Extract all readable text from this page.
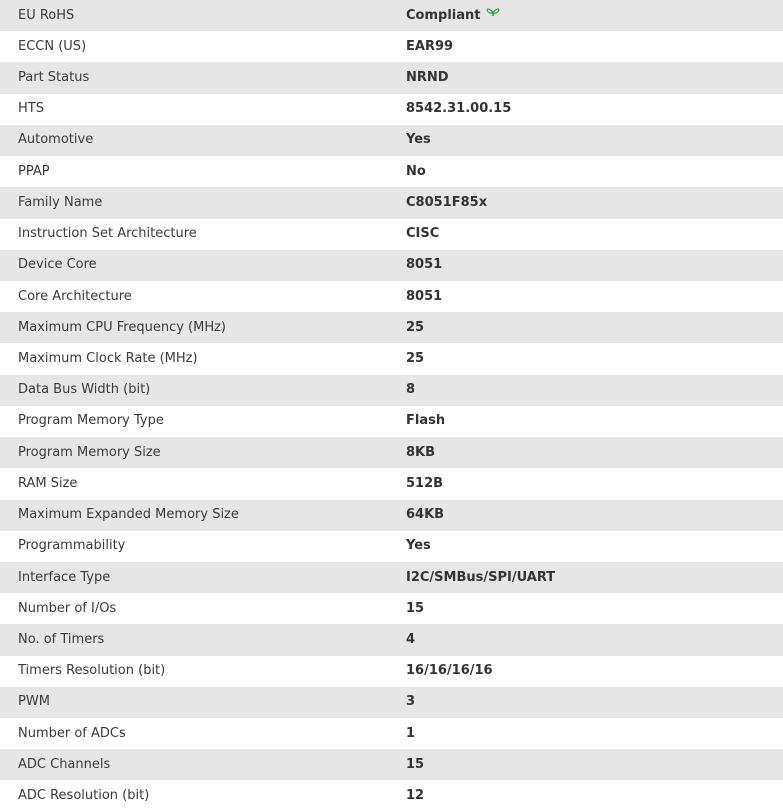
EU RoHS	Compliant
ECCN (US)	EAR99
Part Status	NRND
HTS	8542.31.00.15
Automotive	Yes
PPAP	No
Family Name	C8051F85x
Instruction Set Architecture	CISC
Device Core	8051
Core Architecture	8051
Maximum CPU Frequency (MHz)	25
Maximum Clock Rate (MHz)	25
Data Bus Width (bit)	8
Program Memory Type	Flash
Program Memory Size	8KB
RAM Size	512B
Maximum Expanded Memory Size	64KB
Programmability	Yes
Interface Type	I2C/SMBus/SPI/UART
Number of I/Os	15
No. of Timers	4
Timers Resolution (bit)	16/16/16/16
PWM	3
Number of ADCs	1
ADC Channels	15
ADC Resolution (bit)	12
